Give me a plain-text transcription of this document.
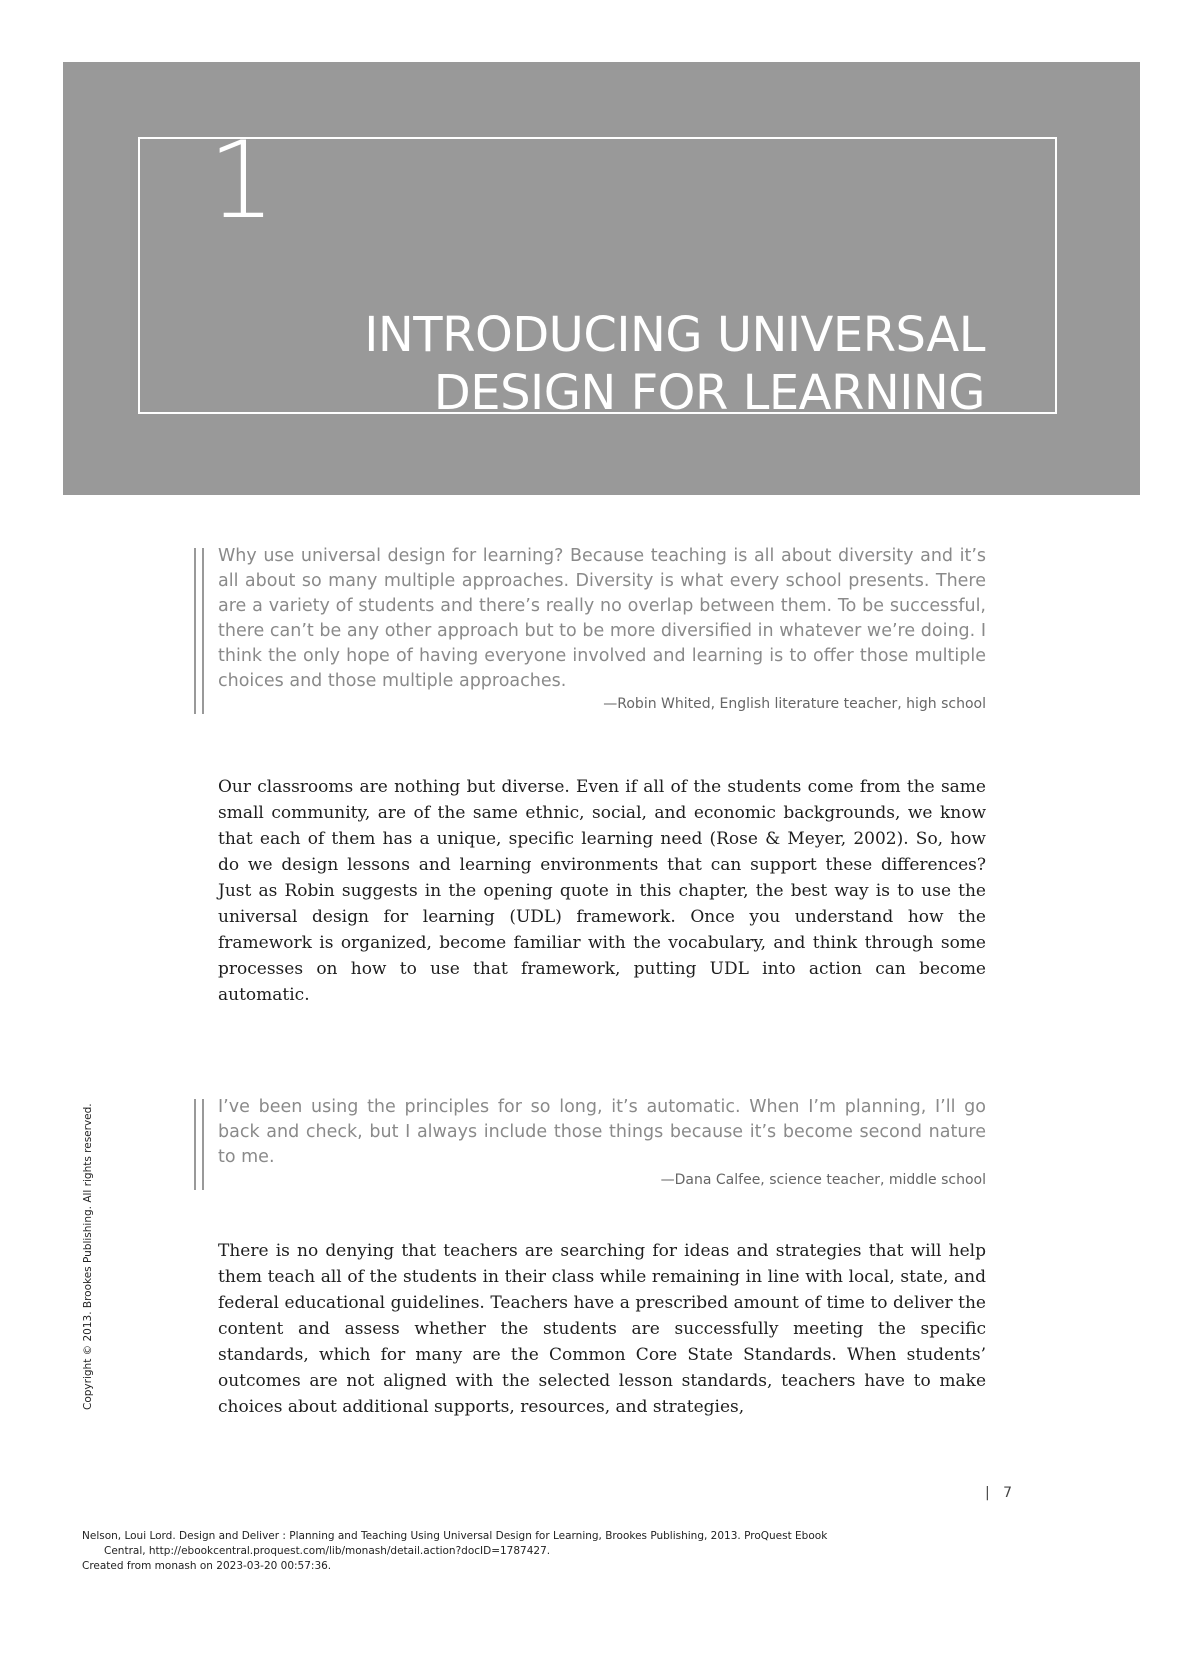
1
INTRODUCING UNIVERSAL
DESIGN FOR LEARNING

Why use universal design for learning? Because teaching is all about diversity and it’s all about so many multiple approaches. Diversity is what every school presents. There are a variety of students and there’s really no overlap between them. To be successful, there can’t be any other approach but to be more diversified in whatever we’re doing. I think the only hope of having everyone involved and learning is to offer those multiple choices and those multiple approaches.

—Robin Whited, English literature teacher, high school

Our classrooms are nothing but diverse. Even if all of the students come from the same small community, are of the same ethnic, social, and economic backgrounds, we know that each of them has a unique, specific learning need (Rose & Meyer, 2002). So, how do we design lessons and learning environments that can support these differences? Just as Robin suggests in the opening quote in this chapter, the best way is to use the universal design for learning (UDL) framework. Once you understand how the framework is organized, become familiar with the vocabulary, and think through some processes on how to use that framework, putting UDL into action can become automatic.

I’ve been using the principles for so long, it’s automatic. When I’m planning, I’ll go back and check, but I always include those things because it’s become second nature to me.

—Dana Calfee, science teacher, middle school

There is no denying that teachers are searching for ideas and strategies that will help them teach all of the students in their class while remaining in line with local, state, and federal educational guidelines. Teachers have a prescribed amount of time to deliver the content and assess whether the students are successfully meeting the specific standards, which for many are the Common Core State Standards. When students’ outcomes are not aligned with the selected lesson standards, teachers have to make choices about additional supports, resources, and strategies,

Copyright © 2013. Brookes Publishing. All rights reserved.
|   7
Nelson, Loui Lord. Design and Deliver : Planning and Teaching Using Universal Design for Learning, Brookes Publishing, 2013. ProQuest Ebook
Central, http://ebookcentral.proquest.com/lib/monash/detail.action?docID=1787427.
Created from monash on 2023-03-20 00:57:36.
